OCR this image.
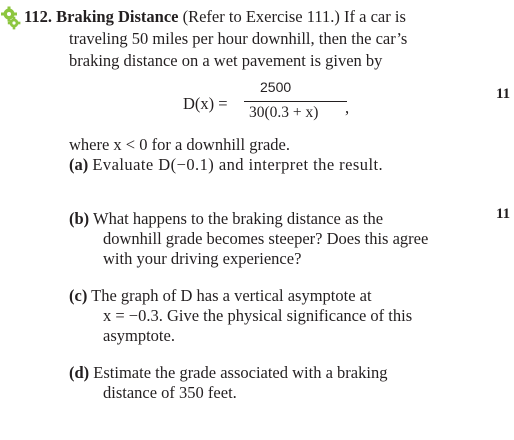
112. Braking Distance (Refer to Exercise 111.) If a car is
traveling 50 miles per hour downhill, then the car’s
braking distance on a wet pavement is given by
D(x) =
2500
30(0.3 + x) ,
where x < 0 for a downhill grade.
(a) Evaluate D(−0.1) and interpret the result.
(b) What happens to the braking distance as the
downhill grade becomes steeper? Does this agree
with your driving experience?
(c) The graph of D has a vertical asymptote at
x = −0.3. Give the physical significance of this
asymptote.
(d) Estimate the grade associated with a braking
distance of 350 feet.
11
11
